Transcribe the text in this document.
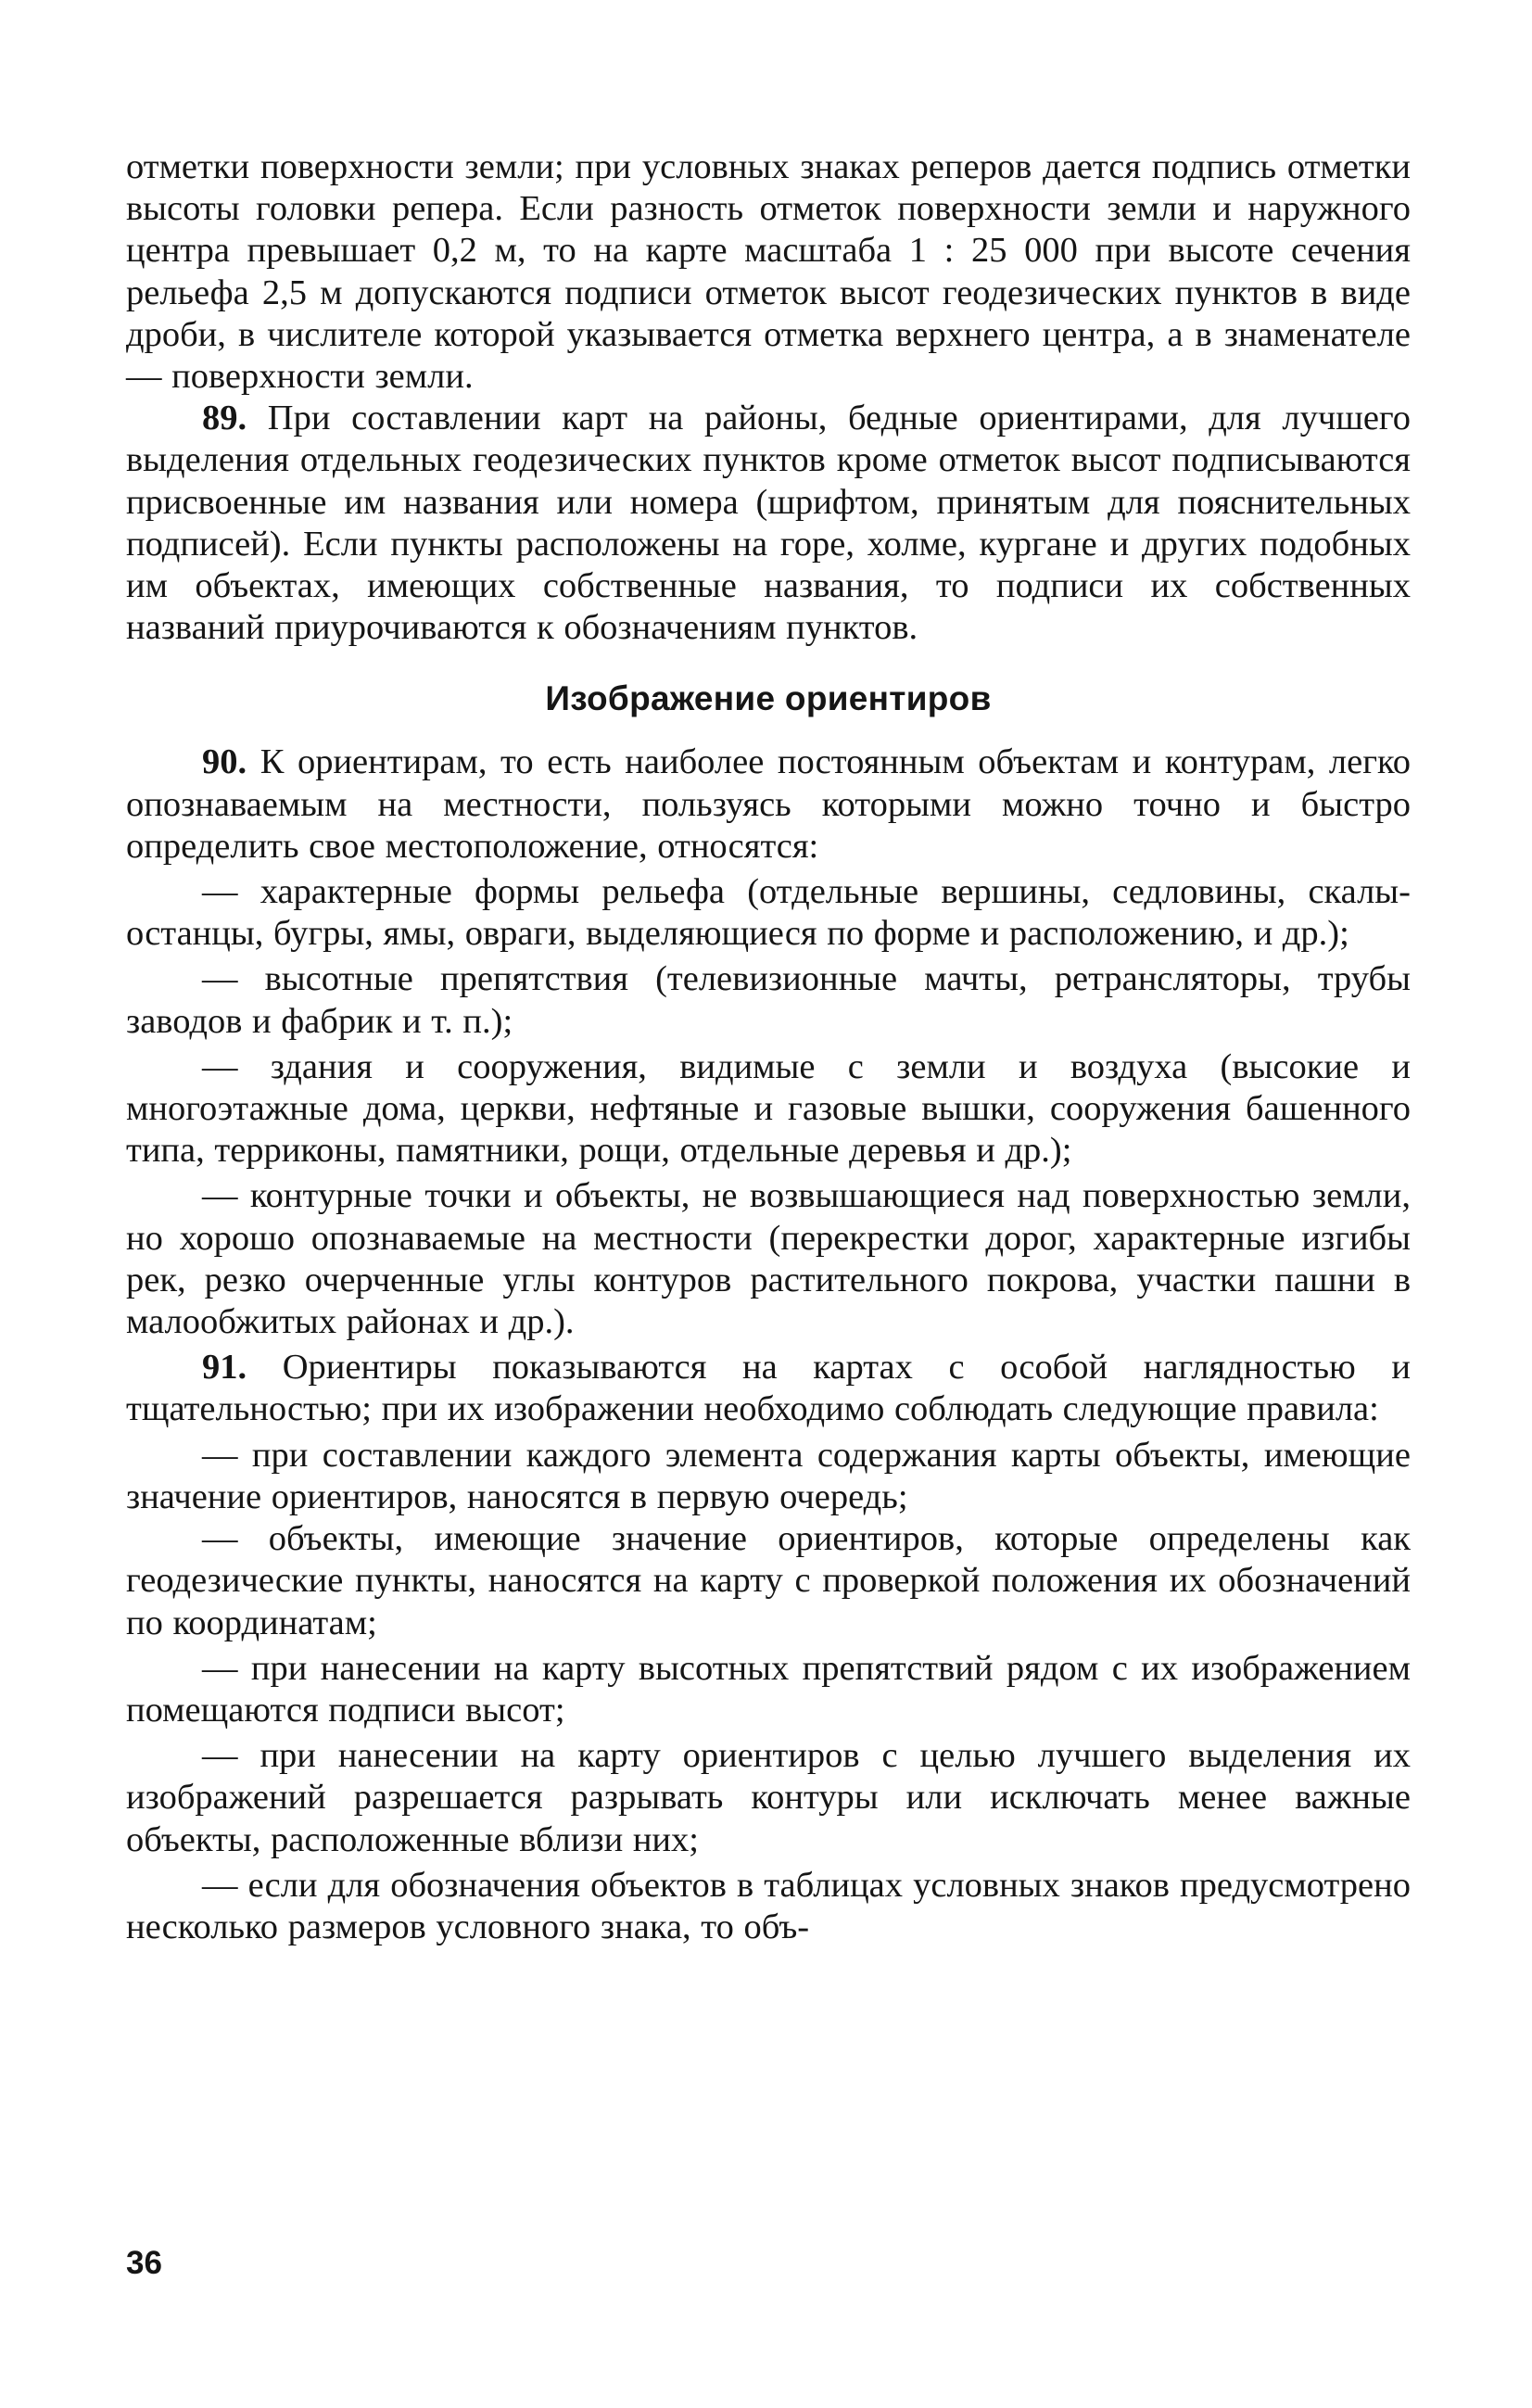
отметки поверхности земли; при условных знаках реперов дается подпись отметки высоты головки репера. Если разность отметок поверхности земли и наружного центра превышает 0,2 м, то на карте масштаба 1 : 25 000 при высоте сечения рельефа 2,5 м допускаются подписи отметок высот геодезических пунктов в виде дроби, в числителе которой указывается отметка верхнего центра, а в знаменателе — поверхности земли.

89. При составлении карт на районы, бедные ориентирами, для лучшего выделения отдельных геодезических пунктов кроме отметок высот подписываются присвоенные им названия или номера (шрифтом, принятым для пояснительных подписей). Если пункты расположены на горе, холме, кургане и других подобных им объектах, имеющих собственные названия, то подписи их собственных названий приурочиваются к обозначениям пунктов.

Изображение ориентиров

90. К ориентирам, то есть наиболее постоянным объектам и контурам, легко опознаваемым на местности, пользуясь которыми можно точно и быстро определить свое местоположение, относятся:

— характерные формы рельефа (отдельные вершины, седловины, скалы-останцы, бугры, ямы, овраги, выделяющиеся по форме и расположению, и др.);

— высотные препятствия (телевизионные мачты, ретрансляторы, трубы заводов и фабрик и т. п.);

— здания и сооружения, видимые с земли и воздуха (высокие и многоэтажные дома, церкви, нефтяные и газовые вышки, сооружения башенного типа, терриконы, памятники, рощи, отдельные деревья и др.);

— контурные точки и объекты, не возвышающиеся над поверхностью земли, но хорошо опознаваемые на местности (перекрестки дорог, характерные изгибы рек, резко очерченные углы контуров растительного покрова, участки пашни в малообжитых районах и др.).

91. Ориентиры показываются на картах с особой наглядностью и тщательностью; при их изображении необходимо соблюдать следующие правила:

— при составлении каждого элемента содержания карты объекты, имеющие значение ориентиров, наносятся в первую очередь;

— объекты, имеющие значение ориентиров, которые определены как геодезические пункты, наносятся на карту с проверкой положения их обозначений по координатам;

— при нанесении на карту высотных препятствий рядом с их изображением помещаются подписи высот;

— при нанесении на карту ориентиров с целью лучшего выделения их изображений разрешается разрывать контуры или исключать менее важные объекты, расположенные вблизи них;

— если для обозначения объектов в таблицах условных знаков предусмотрено несколько размеров условного знака, то объ-

36
